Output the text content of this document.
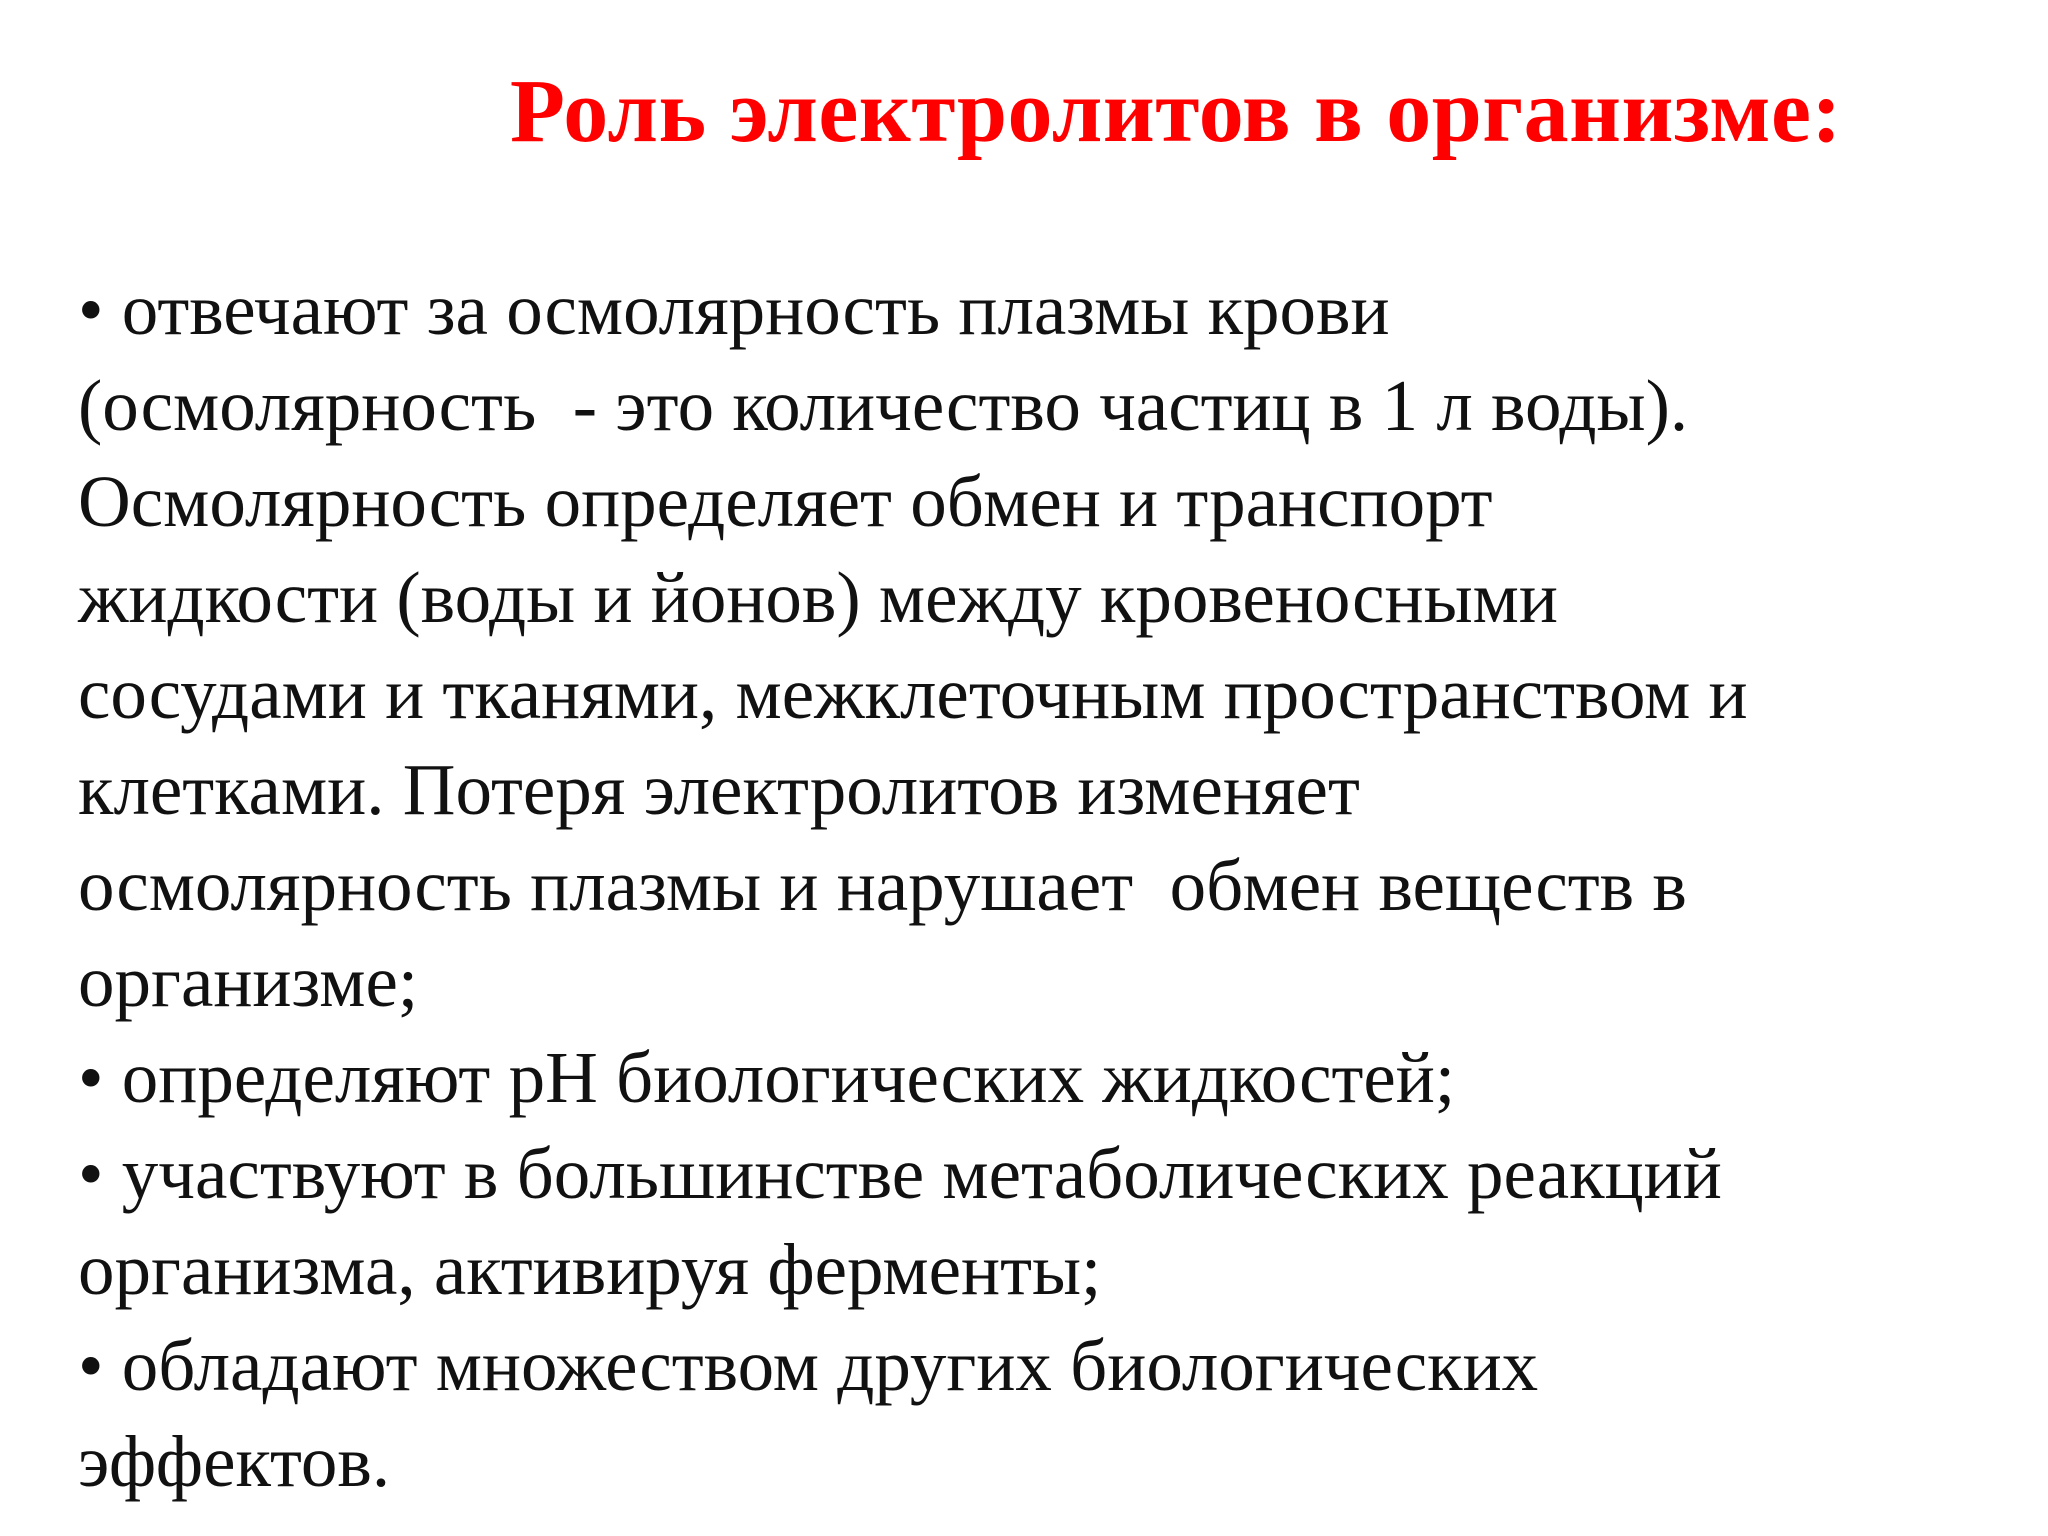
Роль электролитов в организме:
• отвечают за осмолярность плазмы крови
(осмолярность  - это количество частиц в 1 л воды).
Осмолярность определяет обмен и транспорт
жидкости (воды и йонов) между кровеносными
сосудами и тканями, межклеточным пространством и
клетками. Потеря электролитов изменяет
осмолярность плазмы и нарушает  обмен веществ в
организме;
• определяют рН биологических жидкостей;
• участвуют в большинстве метаболических реакций
организма, активируя ферменты;
• обладают множеством других биологических
эффектов.
